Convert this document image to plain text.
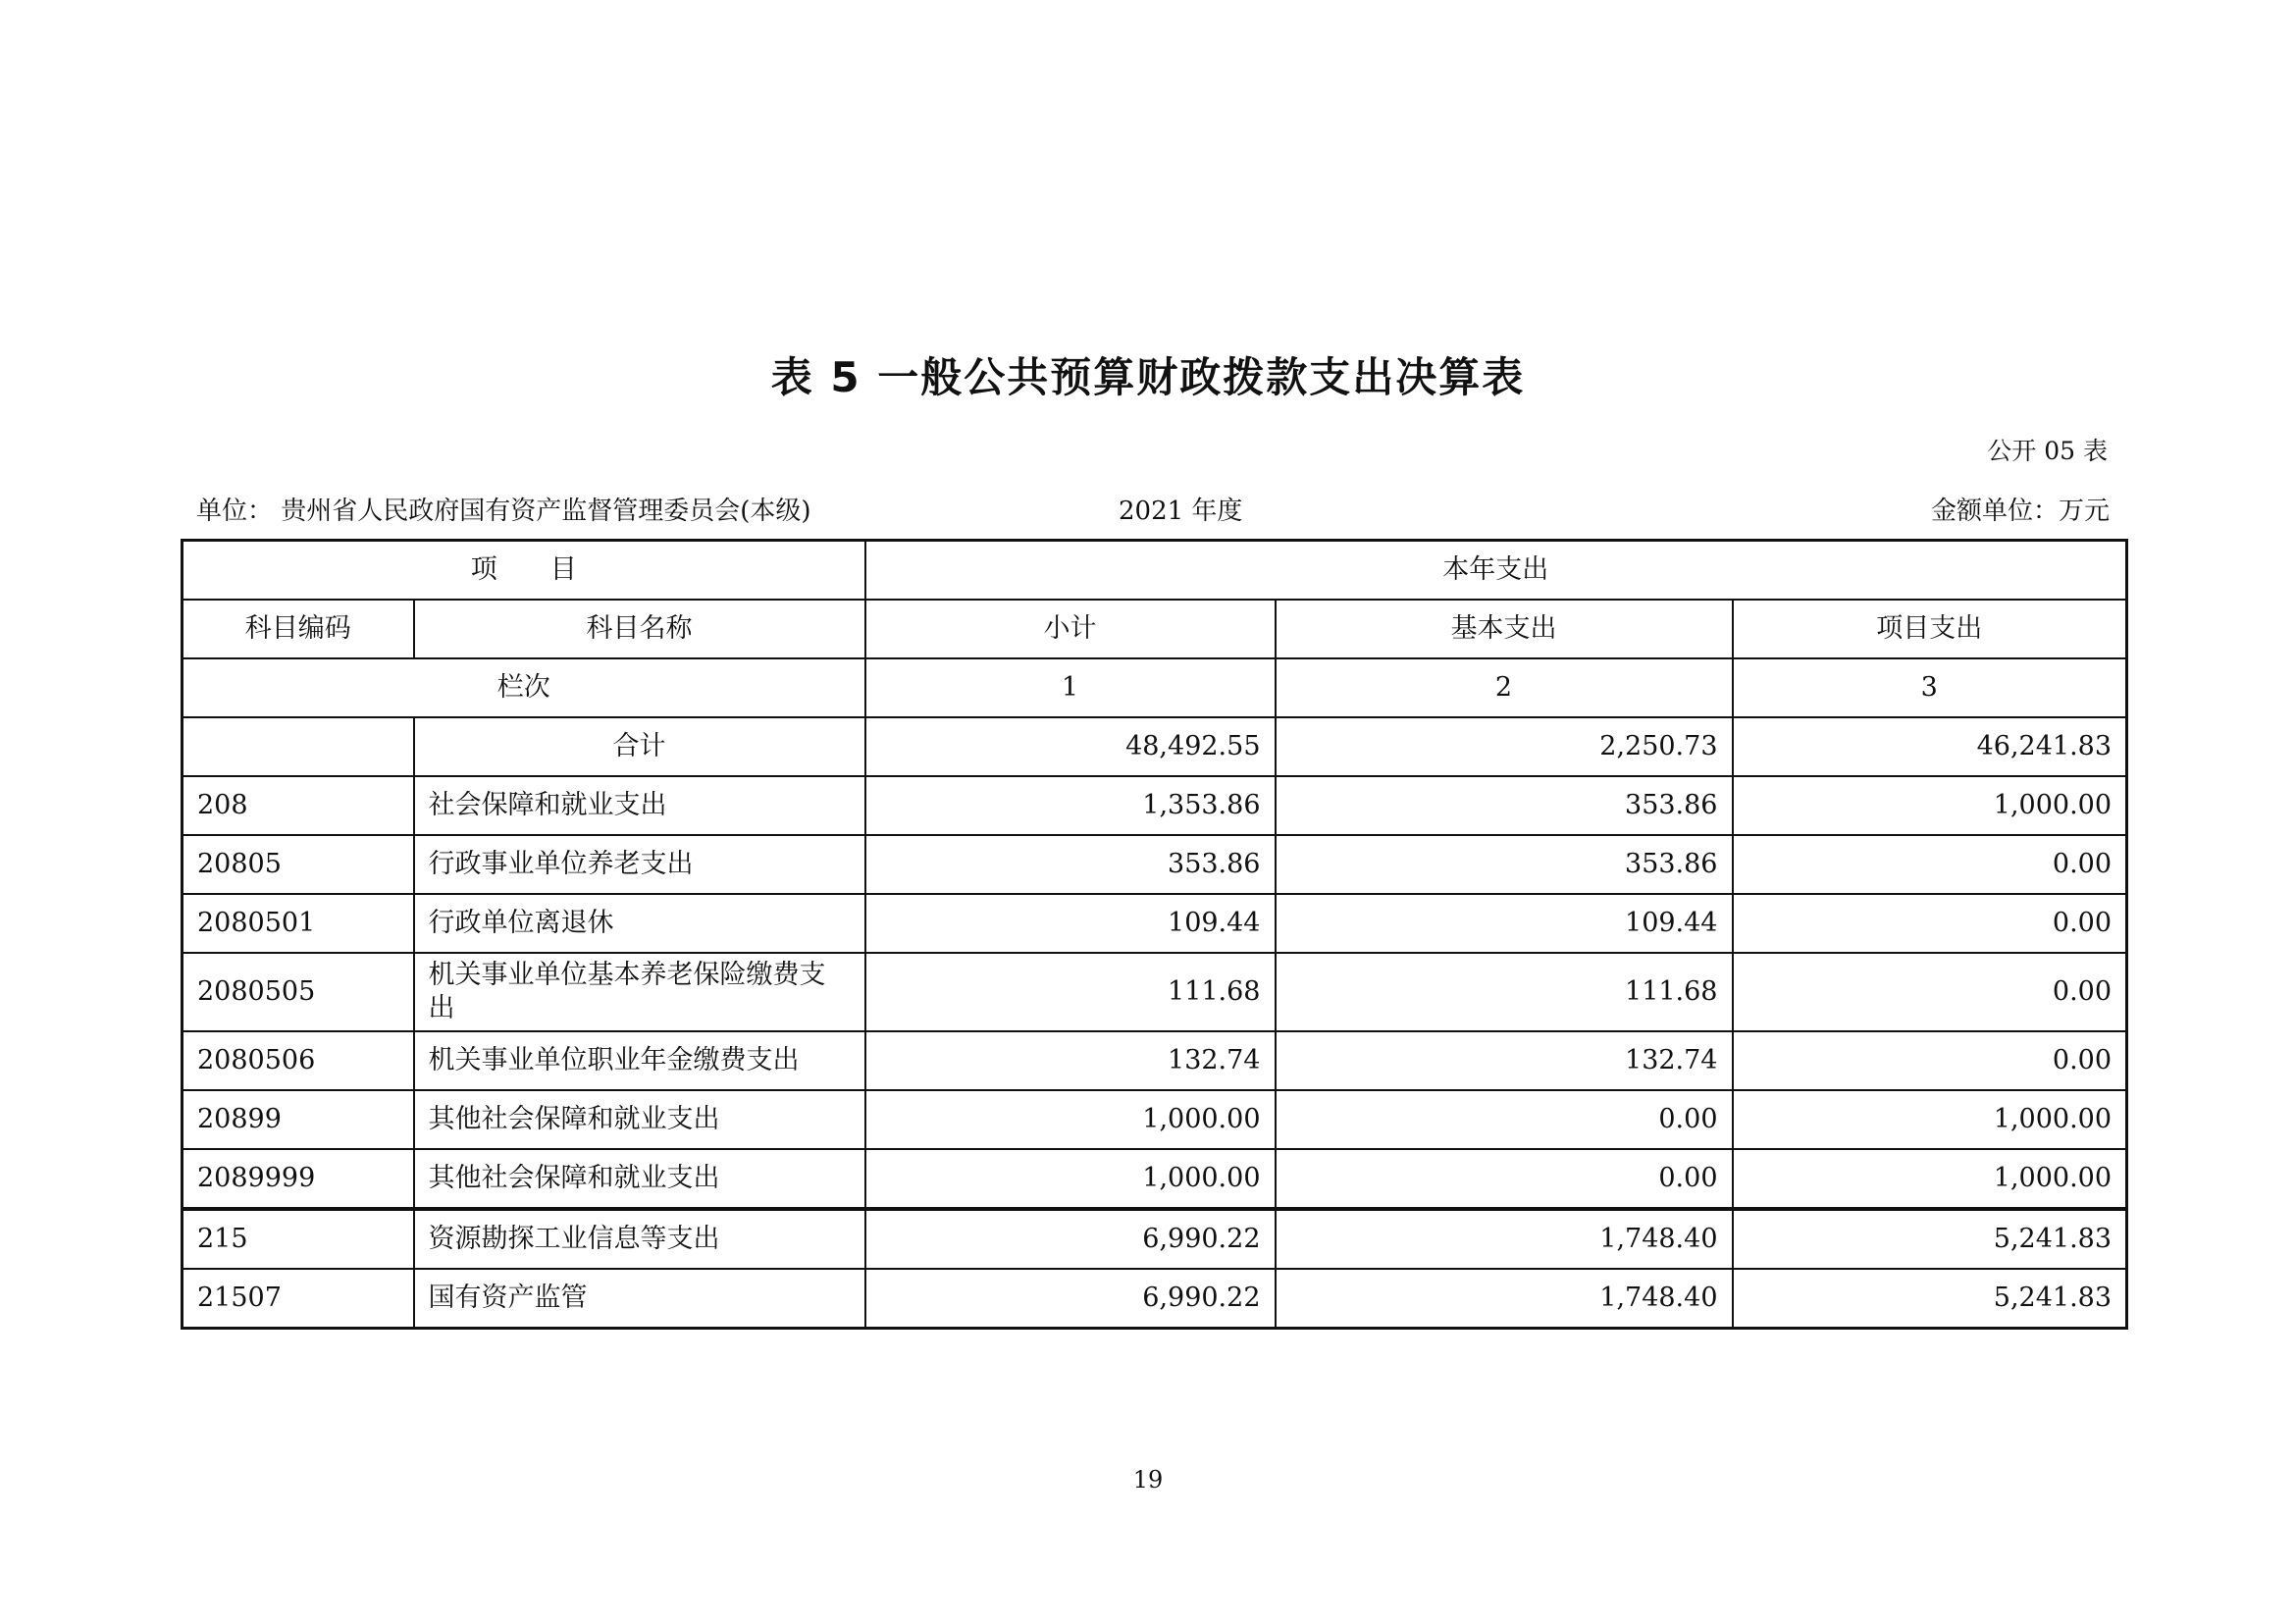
表 5 一般公共预算财政拨款支出决算表
公开 05 表
单位： 贵州省人民政府国有资产监督管理委员会(本级)	2021 年度	金额单位：万元
项　　目		本年支出		
科目编码	科目名称	小计	基本支出	项目支出
栏次		1	2	3
	合计	48,492.55	2,250.73	46,241.83
208	社会保障和就业支出	1,353.86	353.86	1,000.00
20805	行政事业单位养老支出	353.86	353.86	0.00
2080501	行政单位离退休	109.44	109.44	0.00
2080505	机关事业单位基本养老保险缴费支出	111.68	111.68	0.00
2080506	机关事业单位职业年金缴费支出	132.74	132.74	0.00
20899	其他社会保障和就业支出	1,000.00	0.00	1,000.00
2089999	其他社会保障和就业支出	1,000.00	0.00	1,000.00
215	资源勘探工业信息等支出	6,990.22	1,748.40	5,241.83
21507	国有资产监管	6,990.22	1,748.40	5,241.83
19
